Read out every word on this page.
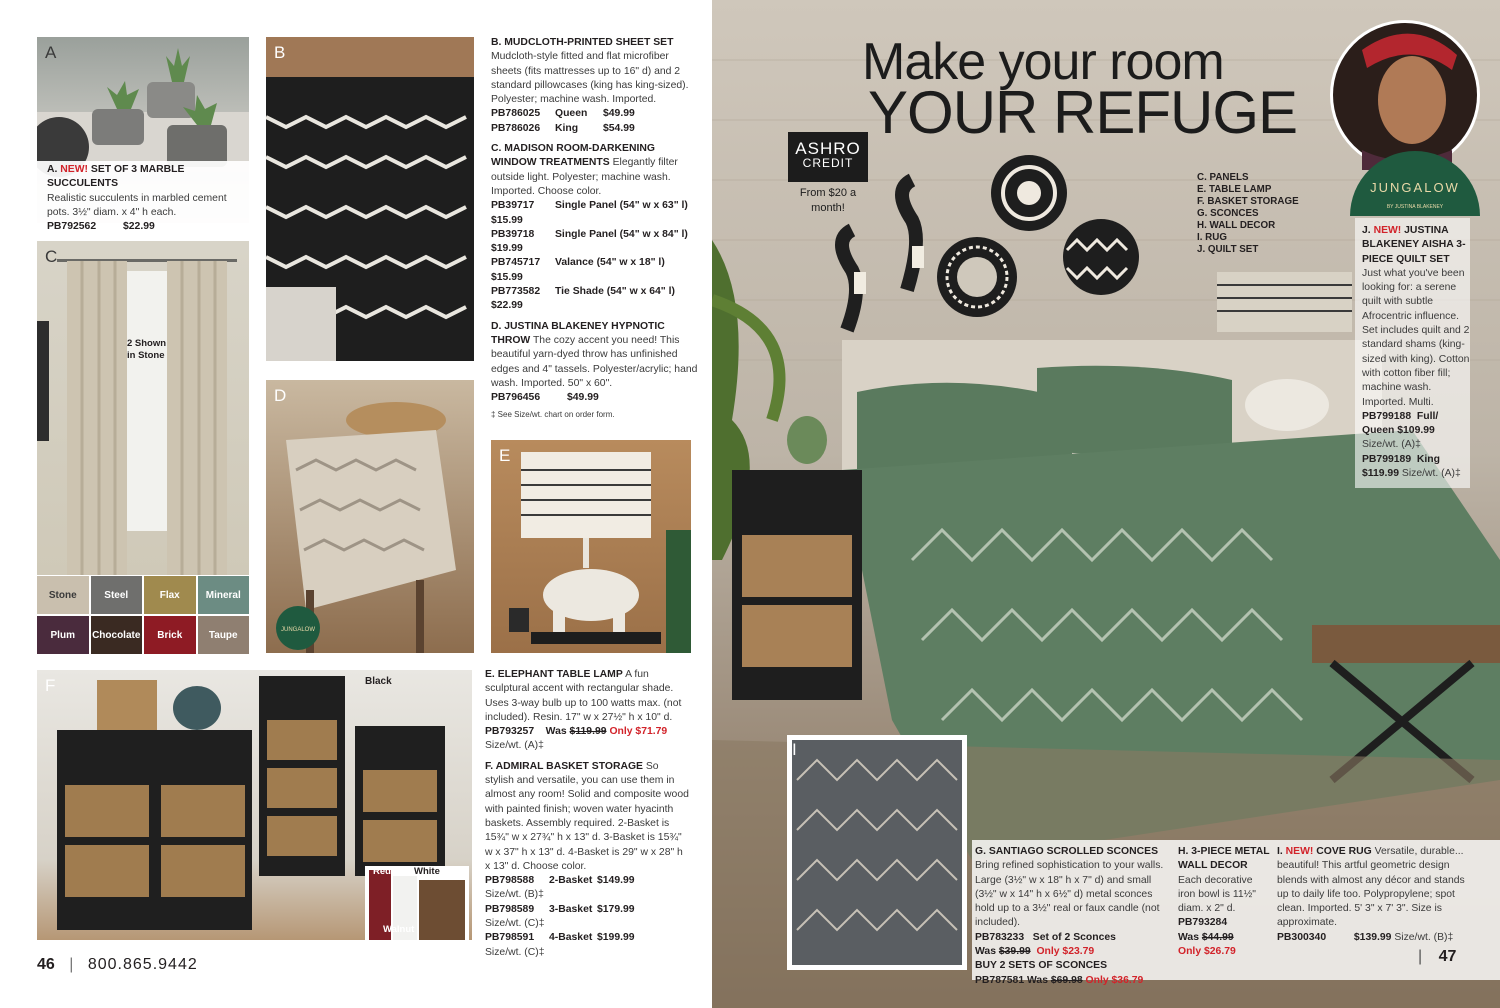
A
A. NEW! SET OF 3 MARBLE SUCCULENTS
Realistic succulents in marbled cement pots. 3½" diam. x 4" h each.
PB792562	$22.99
B
C
2 Shown in Stone
Stone	Steel	Flax	Mineral
Plum	Chocolate	Brick	Taupe	JUNGALOW
D

B. MUDCLOTH-PRINTED SHEET SET
Mudcloth-style fitted and flat microfiber sheets (fits mattresses up to 16" d) and 2 standard pillowcases (king has king-sized). Polyester; machine wash. Imported.
PB786025	Queen	$49.99
PB786026	King	$54.99

C. MADISON ROOM-DARKENING WINDOW TREATMENTS Elegantly filter outside light. Polyester; machine wash. Imported. Choose color.
PB39717	Single Panel (54" w x 63" l)
$15.99
PB39718	Single Panel (54" w x 84" l)
$19.99
PB745717	Valance (54" w x 18" l)
$15.99
PB773582	Tie Shade (54" w x 64" l)
$22.99

D. JUSTINA BLAKENEY HYPNOTIC THROW The cozy accent you need! This beautiful yarn-dyed throw has unfinished edges and 4" tassels. Polyester/acrylic; hand wash. Imported. 50" x 60".
PB796456	$49.99

‡ See Size/wt. chart on order form.
E
F	Black
Red White
Walnut

E. ELEPHANT TABLE LAMP A fun sculptural accent with rectangular shade. Uses 3-way bulb up to 100 watts max. (not included). Resin. 17" w x 27½" h x 10" d.
PB793257 Was $119.99 Only $71.79
Size/wt. (A)‡

F. ADMIRAL BASKET STORAGE So stylish and versatile, you can use them in almost any room! Solid and composite wood with painted finish; woven water hyacinth baskets. Assembly required. 2-Basket is 15¾" w x 27¾" h x 13" d. 3-Basket is 15¾" w x 37" h x 13" d. 4-Basket is 29" w x 28" h x 13" d. Choose color.
PB798588	2-Basket $149.99
Size/wt. (B)‡
PB798589	3-Basket $179.99
Size/wt. (C)‡
PB798591	4-Basket $199.99
Size/wt. (C)‡

46 | 800.865.9442
JUNGALOW
BY JUSTINA BLAKENEY
I
Make your room
YOUR REFUGE
ASHRO
CREDIT
From $20 a month!
C. PANELS
E. TABLE LAMP
F. BASKET STORAGE
G. SCONCES
H. WALL DECOR
I. RUG
J. QUILT SET
J. NEW! JUSTINA BLAKENEY AISHA 3-PIECE QUILT SET
Just what you've been looking for: a serene quilt with subtle Afrocentric influence. Set includes quilt and 2 standard shams (king-sized with king). Cotton with cotton fiber fill; machine wash. Imported. Multi.
PB799188 Full/ Queen $109.99
Size/wt. (A)‡
PB799189 King
$119.99 Size/wt. (A)‡
G. SANTIAGO SCROLLED SCONCES
Bring refined sophistication to your walls. Large (3½" w x 18" h x 7" d) and small (3½" w x 14" h x 6½" d) metal sconces hold up to a 3½" real or faux candle (not included).
PB783233 Set of 2 Sconces
Was $39.99 Only $23.79
BUY 2 SETS OF SCONCES
PB787581 Was $69.98 Only $36.79
H. 3-PIECE METAL WALL DECOR
Each decorative iron bowl is 11½" diam. x 2" d.
PB793284
Was $44.99
Only $26.79
I. NEW! COVE RUG Versatile, durable... beautiful! This artful geometric design blends with almost any décor and stands up to daily life too. Polypropylene; spot clean. Imported. 5' 3" x 7' 3". Size is approximate.
PB300340	$139.99 Size/wt. (B)‡
| 47
